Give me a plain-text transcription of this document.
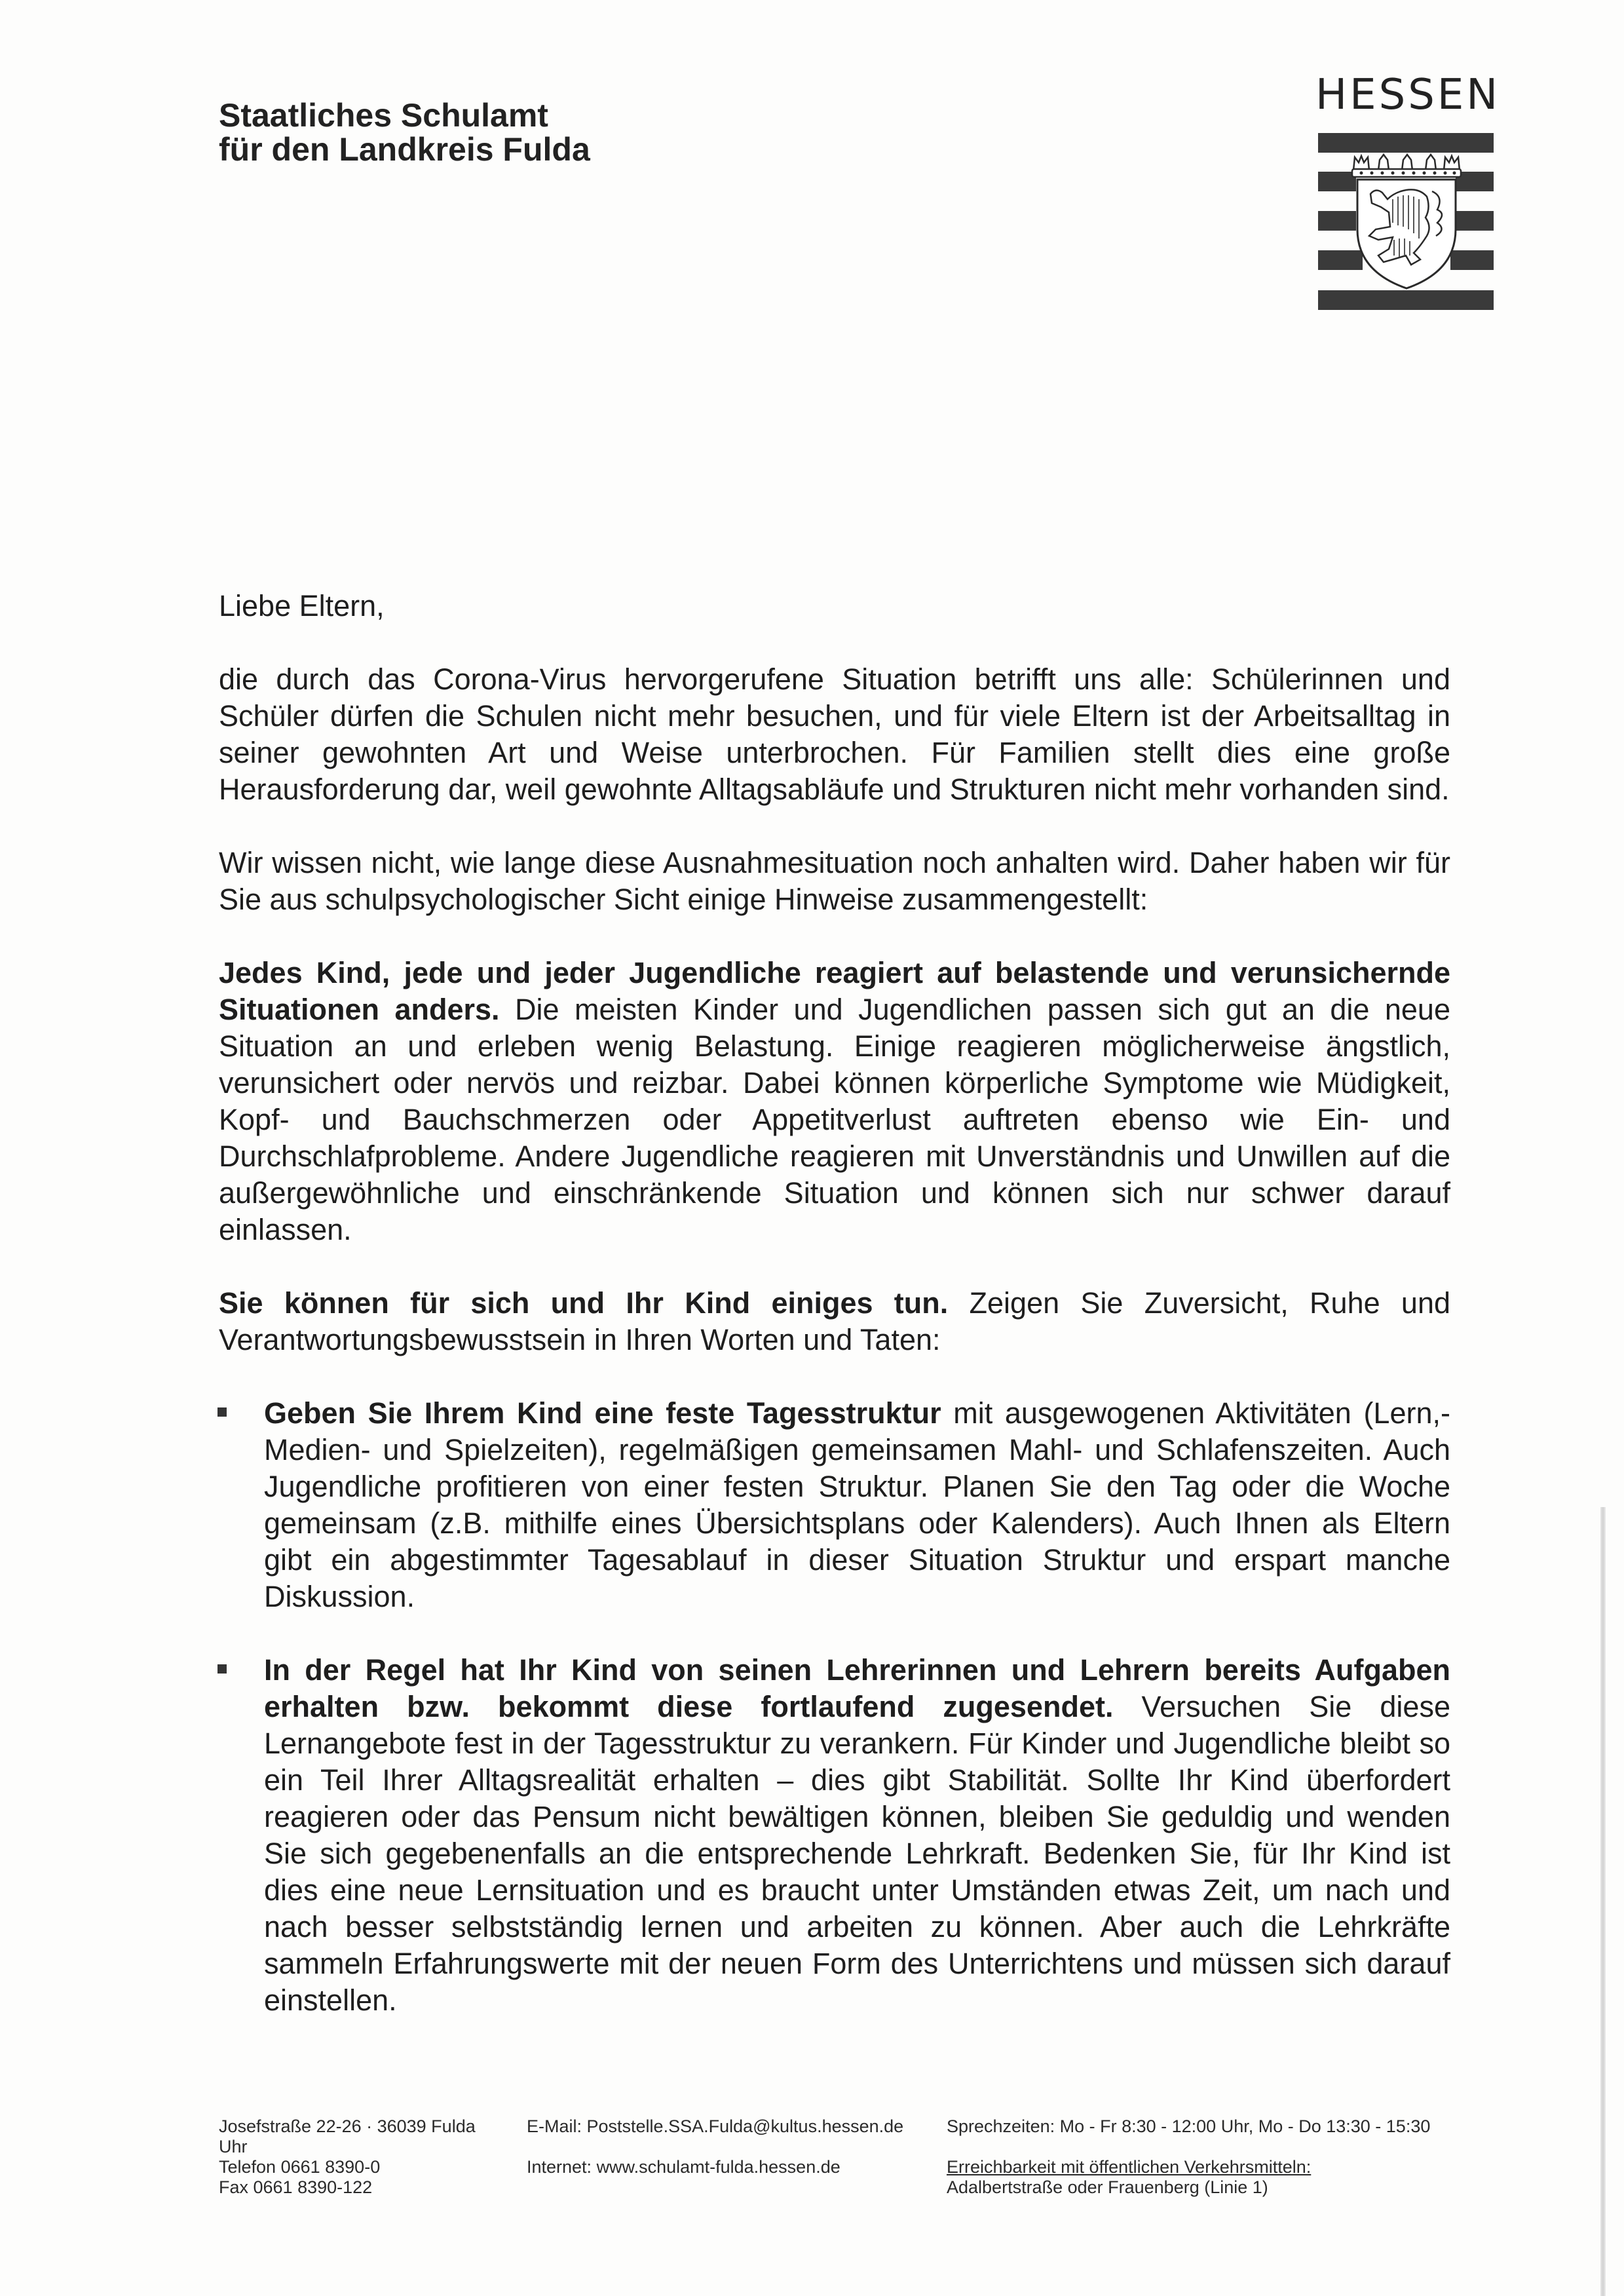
Staatliches Schulamt
für den Landkreis Fulda
HESSEN

Liebe Eltern,

die durch das Corona-Virus hervorgerufene Situation betrifft uns alle: Schülerinnen und Schüler dürfen die Schulen nicht mehr besuchen, und für viele Eltern ist der Arbeitsalltag in seiner gewohnten Art und Weise unterbrochen. Für Familien stellt dies eine große Herausforderung dar, weil gewohnte Alltagsabläufe und Strukturen nicht mehr vorhanden sind.

Wir wissen nicht, wie lange diese Ausnahmesituation noch anhalten wird. Daher haben wir für Sie aus schulpsychologischer Sicht einige Hinweise zusammengestellt:

Jedes Kind, jede und jeder Jugendliche reagiert auf belastende und verunsichernde Situationen anders. Die meisten Kinder und Jugendlichen passen sich gut an die neue Situation an und erleben wenig Belastung. Einige reagieren möglicherweise ängstlich, verunsichert oder nervös und reizbar. Dabei können körperliche Symptome wie Müdigkeit, Kopf- und Bauchschmerzen oder Appetitverlust auftreten ebenso wie Ein- und Durchschlafprobleme. Andere Jugendliche reagieren mit Unverständnis und Unwillen auf die außergewöhnliche und einschränkende Situation und können sich nur schwer darauf einlassen.

Sie können für sich und Ihr Kind einiges tun. Zeigen Sie Zuversicht, Ruhe und Verantwortungsbewusstsein in Ihren Worten und Taten:

Geben Sie Ihrem Kind eine feste Tagesstruktur mit ausgewogenen Aktivitäten (Lern,-Medien- und Spielzeiten), regelmäßigen gemeinsamen Mahl- und Schlafenszeiten. Auch Jugendliche profitieren von einer festen Struktur. Planen Sie den Tag oder die Woche gemeinsam (z.B. mithilfe eines Übersichtsplans oder Kalenders). Auch Ihnen als Eltern gibt ein abgestimmter Tagesablauf in dieser Situation Struktur und erspart manche Diskussion.
In der Regel hat Ihr Kind von seinen Lehrerinnen und Lehrern bereits Aufgaben erhalten bzw. bekommt diese fortlaufend zugesendet. Versuchen Sie diese Lernangebote fest in der Tagesstruktur zu verankern. Für Kinder und Jugendliche bleibt so ein Teil Ihrer Alltagsrealität erhalten – dies gibt Stabilität. Sollte Ihr Kind überfordert reagieren oder das Pensum nicht bewältigen können, bleiben Sie geduldig und wenden Sie sich gegebenenfalls an die entsprechende Lehrkraft. Bedenken Sie, für Ihr Kind ist dies eine neue Lernsituation und es braucht unter Umständen etwas Zeit, um nach und nach besser selbstständig lernen und arbeiten zu können. Aber auch die Lehrkräfte sammeln Erfahrungswerte mit der neuen Form des Unterrichtens und müssen sich darauf einstellen.
Josefstraße 22-26 · 36039 Fulda
Uhr
Telefon 0661 8390-0
Fax 0661 8390-122
E-Mail: Poststelle.SSA.Fulda@kultus.hessen.de
Internet: www.schulamt-fulda.hessen.de
Sprechzeiten: Mo - Fr 8:30 - 12:00 Uhr, Mo - Do 13:30 - 15:30
Erreichbarkeit mit öffentlichen Verkehrsmitteln:
Adalbertstraße oder Frauenberg (Linie 1)
